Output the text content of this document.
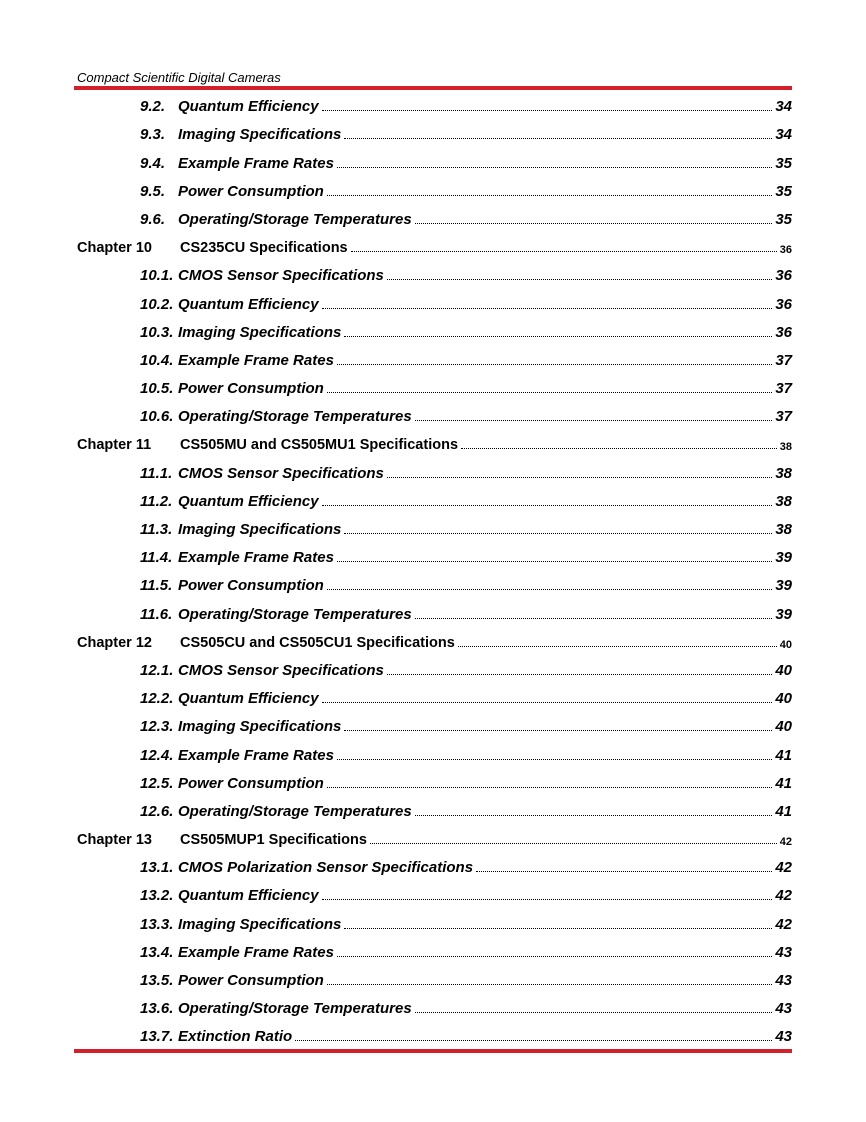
Compact Scientific Digital Cameras
9.2. Quantum Efficiency	34
9.3. Imaging Specifications	34
9.4. Example Frame Rates	35
9.5. Power Consumption	35
9.6. Operating/Storage Temperatures	35
Chapter 10	CS235CU Specifications	36
10.1. CMOS Sensor Specifications	36
10.2. Quantum Efficiency	36
10.3. Imaging Specifications	36
10.4. Example Frame Rates	37
10.5. Power Consumption	37
10.6. Operating/Storage Temperatures	37
Chapter 11	CS505MU and CS505MU1 Specifications	38
11.1. CMOS Sensor Specifications	38
11.2. Quantum Efficiency	38
11.3. Imaging Specifications	38
11.4. Example Frame Rates	39
11.5. Power Consumption	39
11.6. Operating/Storage Temperatures	39
Chapter 12	CS505CU and CS505CU1 Specifications	40
12.1. CMOS Sensor Specifications	40
12.2. Quantum Efficiency	40
12.3. Imaging Specifications	40
12.4. Example Frame Rates	41
12.5. Power Consumption	41
12.6. Operating/Storage Temperatures	41
Chapter 13	CS505MUP1 Specifications	42
13.1. CMOS Polarization Sensor Specifications	42
13.2. Quantum Efficiency	42
13.3. Imaging Specifications	42
13.4. Example Frame Rates	43
13.5. Power Consumption	43
13.6. Operating/Storage Temperatures	43
13.7. Extinction Ratio	43
